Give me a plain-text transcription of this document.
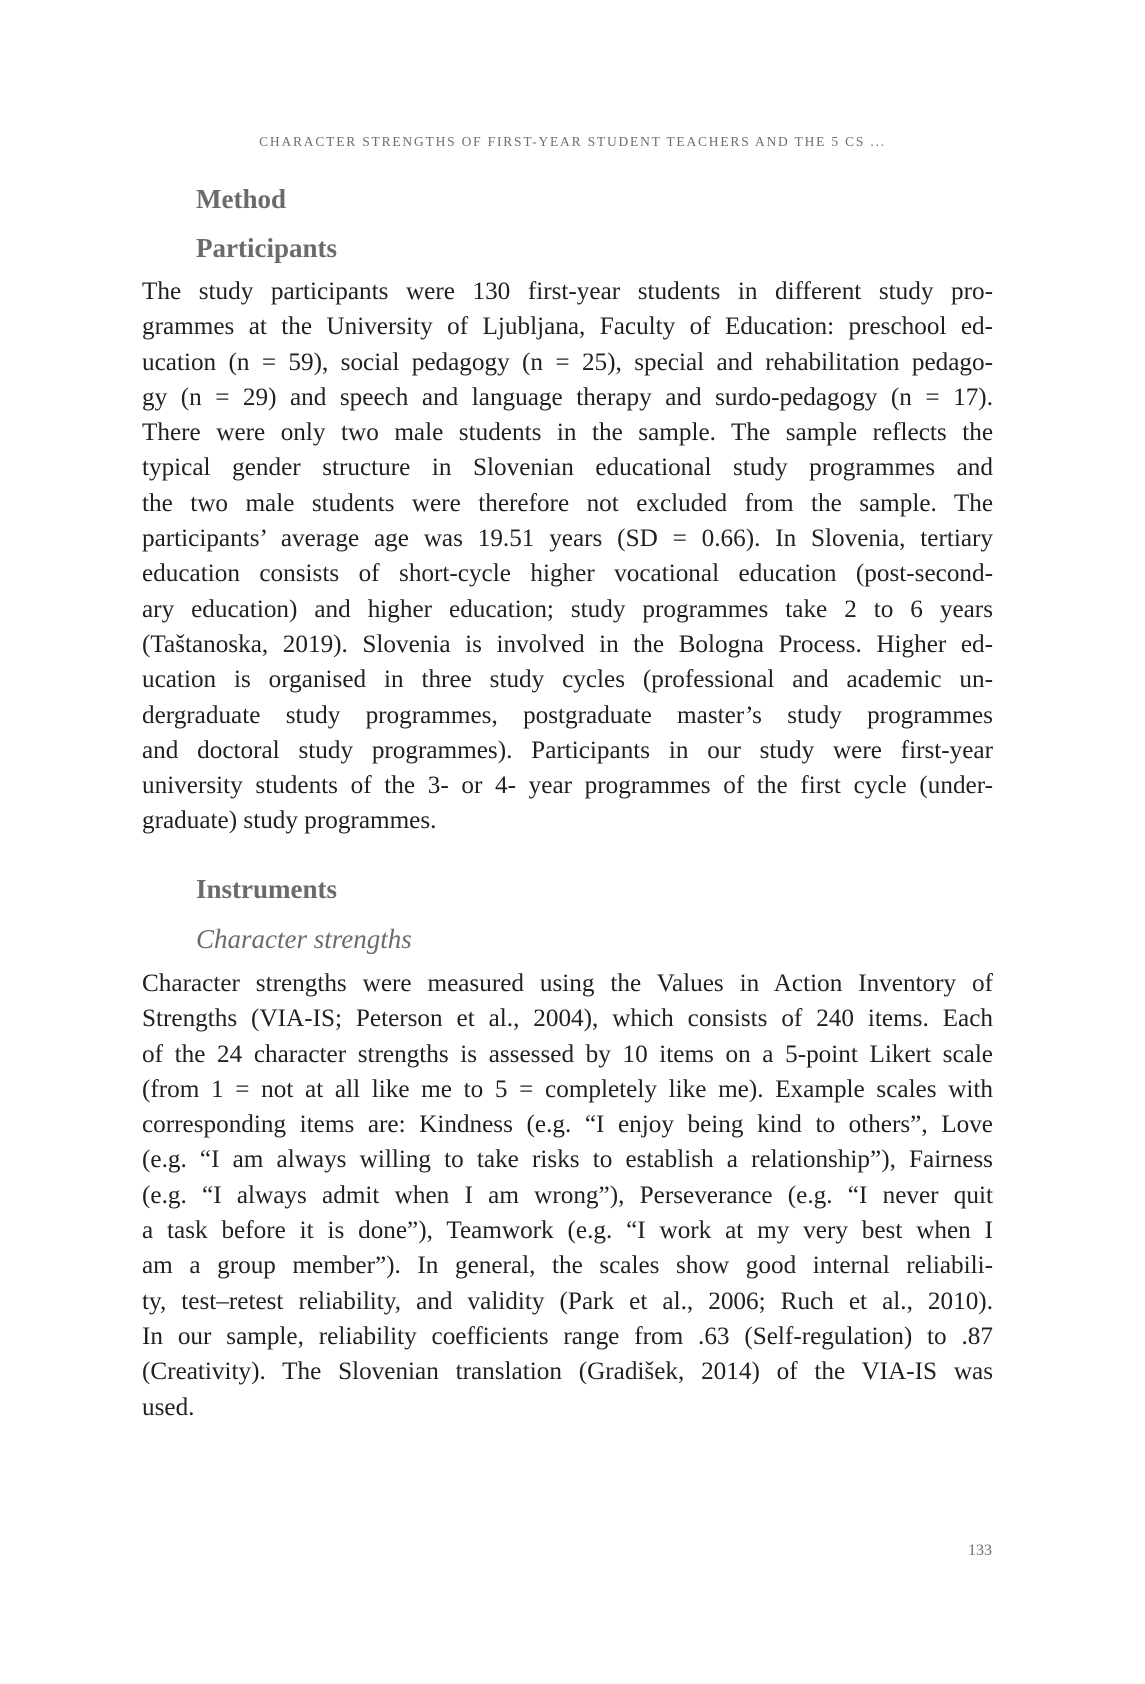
CHARACTER STRENGTHS OF FIRST-YEAR STUDENT TEACHERS AND THE 5 CS ...
Method
Participants
The study participants were 130 first-year students in different study pro-
grammes at the University of Ljubljana, Faculty of Education: preschool ed-
ucation (n = 59), social pedagogy (n = 25), special and rehabilitation pedago-
gy (n = 29) and speech and language therapy and surdo-pedagogy (n = 17).
There were only two male students in the sample. The sample reflects the
typical gender structure in Slovenian educational study programmes and
the two male students were therefore not excluded from the sample. The
participants’ average age was 19.51 years (SD = 0.66). In Slovenia, tertiary
education consists of short-cycle higher vocational education (post-second-
ary education) and higher education; study programmes take 2 to 6 years
(Taštanoska, 2019). Slovenia is involved in the Bologna Process. Higher ed-
ucation is organised in three study cycles (professional and academic un-
dergraduate study programmes, postgraduate master’s study programmes
and doctoral study programmes). Participants in our study were first-year
university students of the 3- or 4- year programmes of the first cycle (under-
graduate) study programmes.
Instruments
Character strengths
Character strengths were measured using the Values in Action Inventory of
Strengths (VIA-IS; Peterson et al., 2004), which consists of 240 items. Each
of the 24 character strengths is assessed by 10 items on a 5-point Likert scale
(from 1 = not at all like me to 5 = completely like me). Example scales with
corresponding items are: Kindness (e.g. “I enjoy being kind to others”, Love
(e.g. “I am always willing to take risks to establish a relationship”), Fairness
(e.g. “I always admit when I am wrong”), Perseverance (e.g. “I never quit
a task before it is done”), Teamwork (e.g. “I work at my very best when I
am a group member”). In general, the scales show good internal reliabili-
ty, test–retest reliability, and validity (Park et al., 2006; Ruch et al., 2010).
In our sample, reliability coefficients range from .63 (Self-regulation) to .87
(Creativity). The Slovenian translation (Gradišek, 2014) of the VIA-IS was
used.
133
